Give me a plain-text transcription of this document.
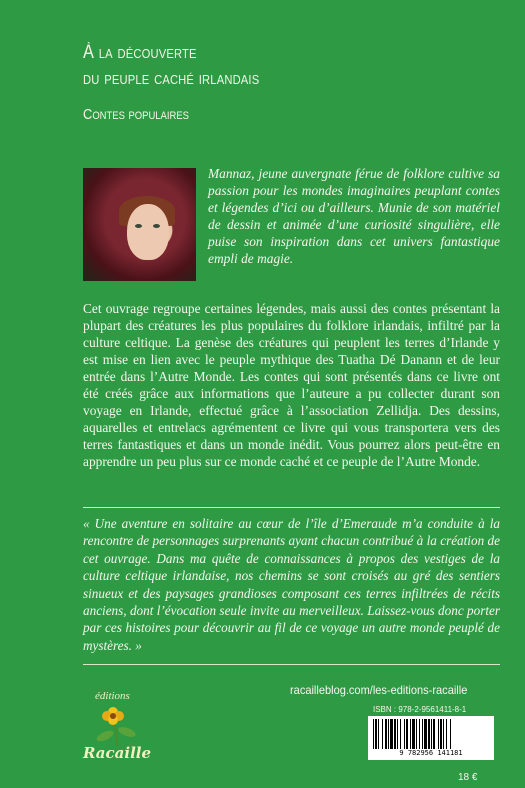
À la découverte
du peuple caché irlandais
Contes populaires

Mannaz, jeune auvergnate férue de folklore cultive sa passion pour les mondes imaginaires peuplant contes et légendes d’ici ou d’ailleurs. Munie de son matériel de dessin et animée d’une curiosité singulière, elle puise son inspiration dans cet univers fantastique empli de magie.

Cet ouvrage regroupe certaines légendes, mais aussi des contes présentant la plupart des créatures les plus populaires du folklore irlandais, infiltré par la culture celtique. La genèse des créatures qui peuplent les terres d’Irlande y est mise en lien avec le peuple mythique des Tuatha Dé Danann et de leur entrée dans l’Autre Monde. Les contes qui sont présentés dans ce livre ont été créés grâce aux informations que l’auteure a pu collecter durant son voyage en Irlande, effectué grâce à l’association Zellidja. Des dessins, aquarelles et entrelacs agrémentent ce livre qui vous transportera vers des terres fantastiques et dans un monde inédit. Vous pourrez alors peut-être en apprendre un peu plus sur ce monde caché et ce peuple de l’Autre Monde.

« Une aventure en solitaire au cœur de l’île d’Emeraude m’a conduite à la rencontre de personnages surprenants ayant chacun contribué à la création de cet ouvrage. Dans ma quête de connaissances à propos des vestiges de la culture celtique irlandaise, nos chemins se sont croisés au gré des sentiers sinueux et des paysages grandioses composant ces terres infiltrées de récits anciens, dont l’évocation seule invite au merveilleux. Laissez-vous donc porter par ces histoires pour découvrir au fil de ce voyage un autre monde peuplé de mystères. »

éditions
Racaille
racailleblog.com/les-editions-racaille
ISBN : 978-2-9561411-8-1
9 782956 141181
18 €
